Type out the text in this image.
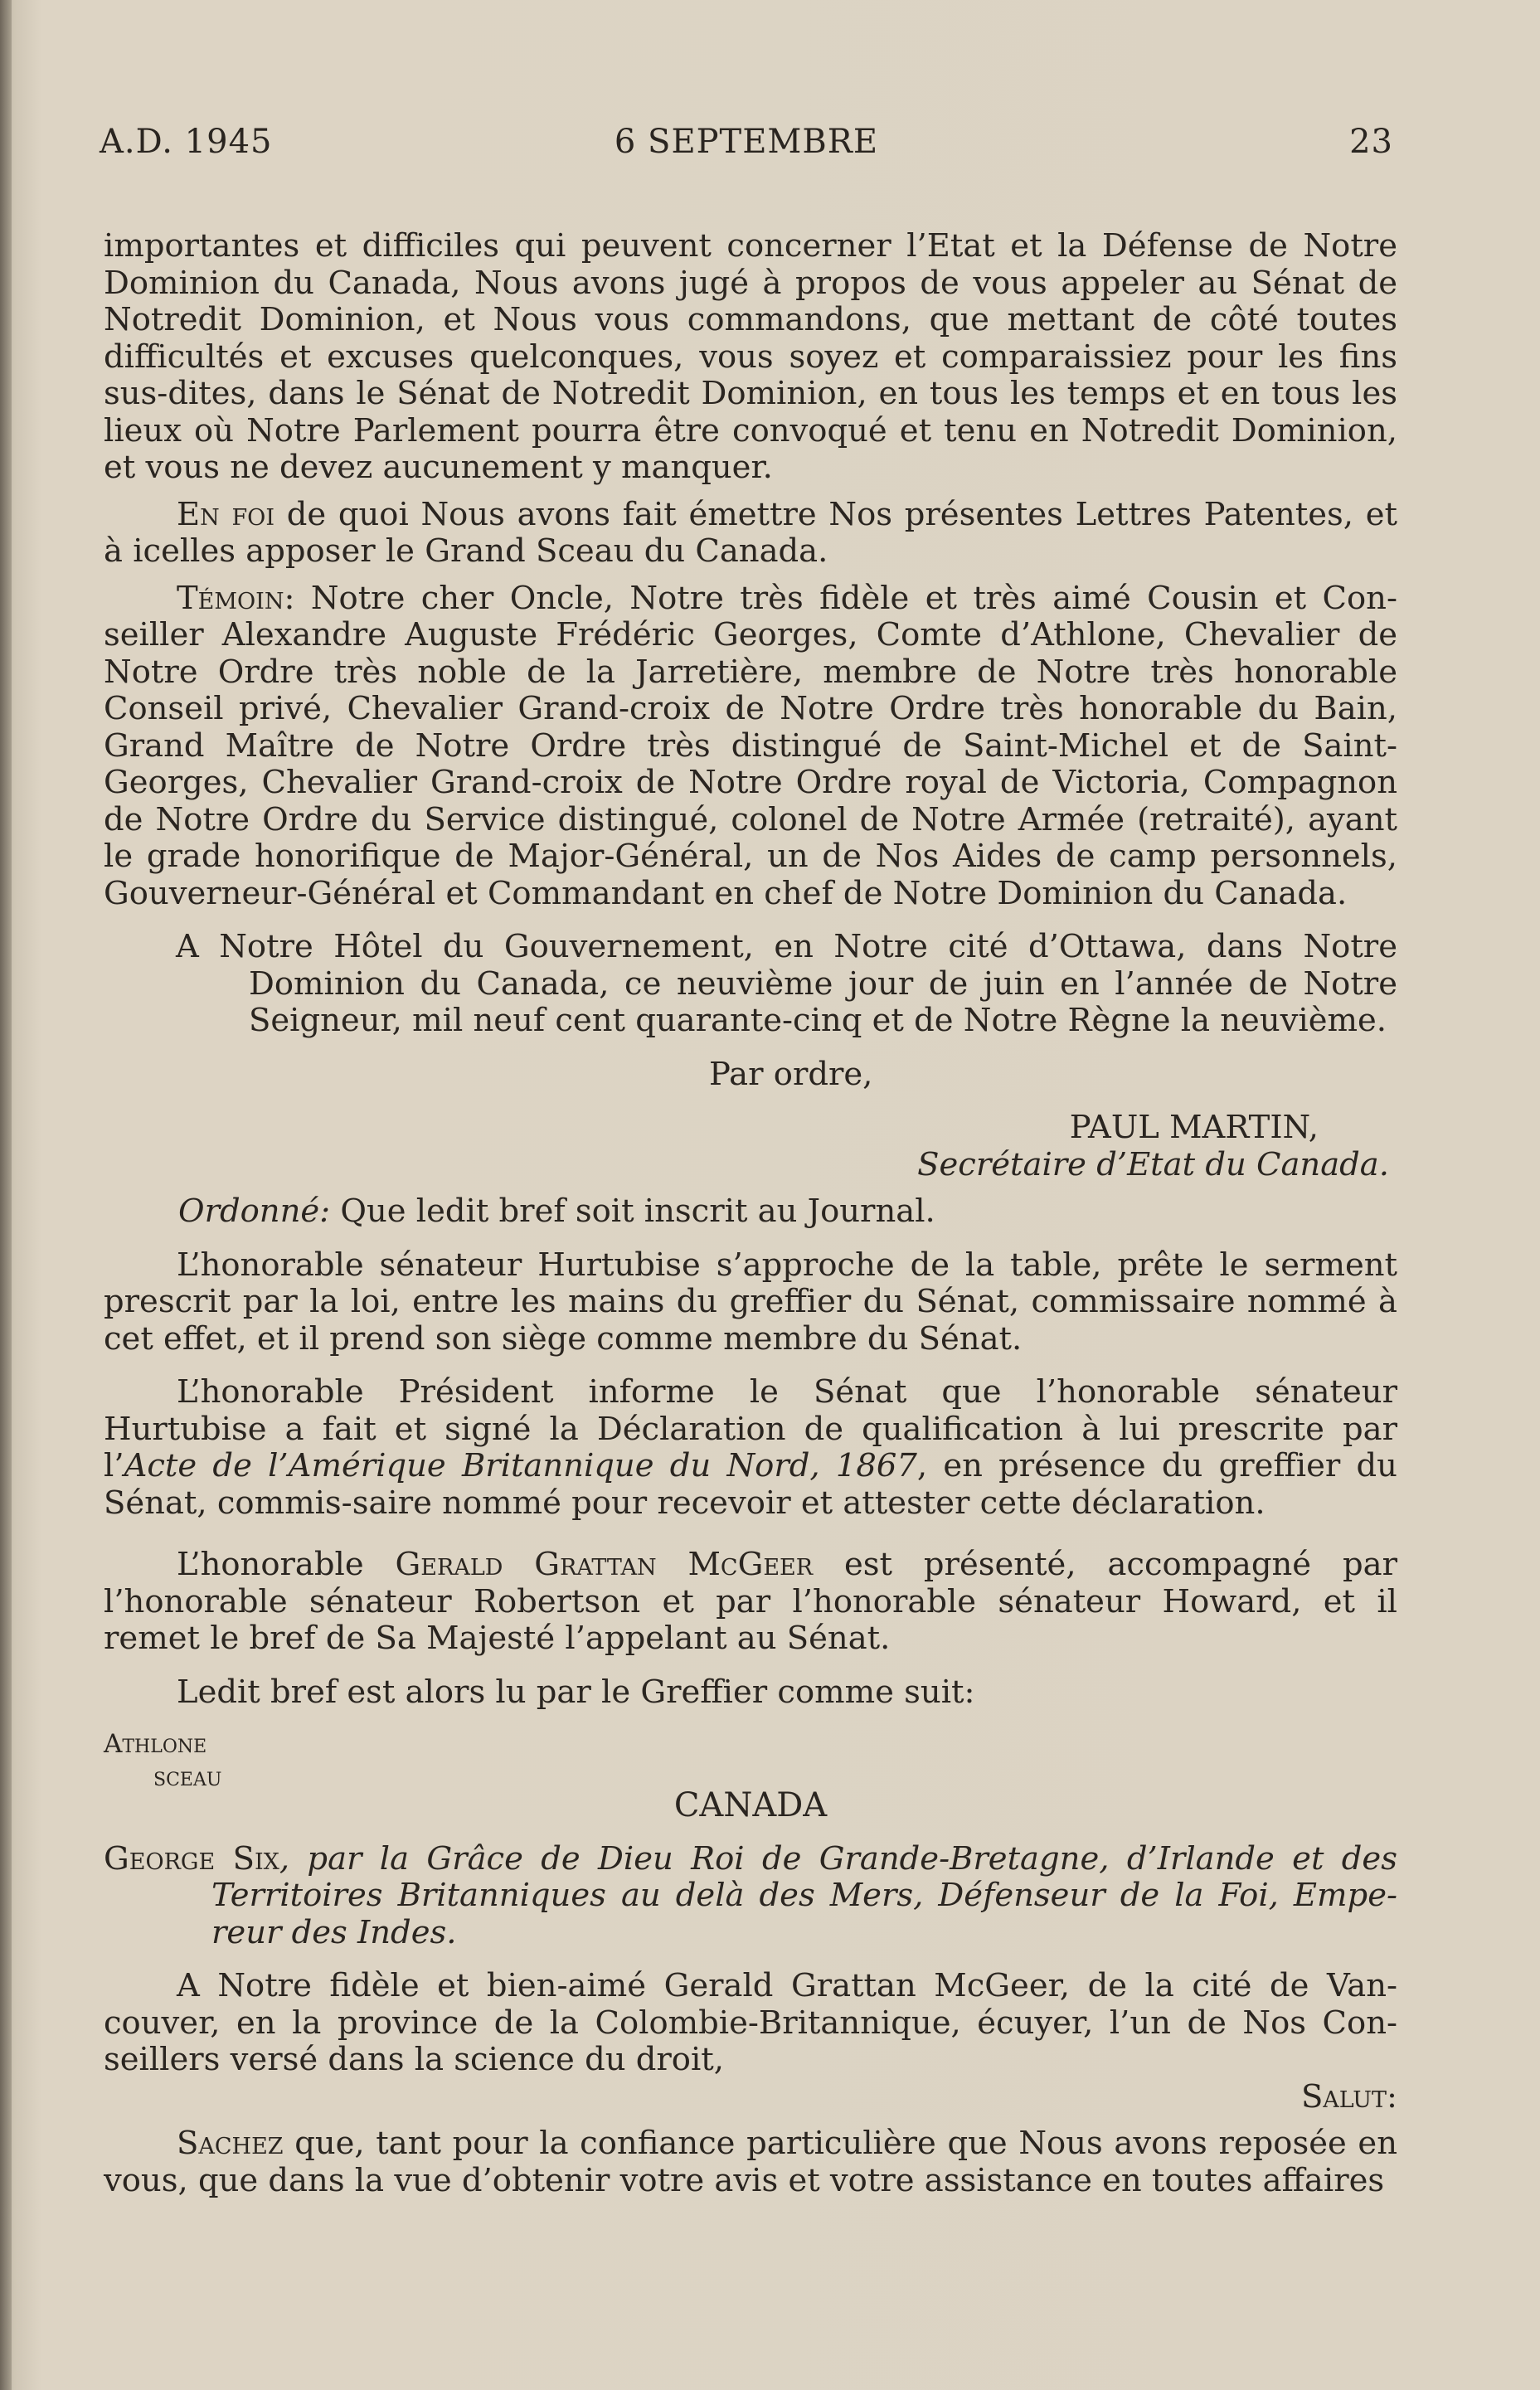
A.D. 1945	6 SEPTEMBRE	23

importantes et difficiles qui peuvent concerner l’Etat et la Défense de Notre Dominion du Canada, Nous avons jugé à propos de vous appeler au Sénat de Notredit Dominion, et Nous vous commandons, que mettant de côté toutes difficultés et excuses quelconques, vous soyez et comparaissiez pour les fins sus-dites, dans le Sénat de Notredit Dominion, en tous les temps et en tous les lieux où Notre Parlement pourra être convoqué et tenu en Notredit Dominion, et vous ne devez aucunement y manquer.

En foi de quoi Nous avons fait émettre Nos présentes Lettres Patentes, et à icelles apposer le Grand Sceau du Canada.

Témoin: Notre cher Oncle, Notre très fidèle et très aimé Cousin et Con-seiller Alexandre Auguste Frédéric Georges, Comte d’Athlone, Chevalier de Notre Ordre très noble de la Jarretière, membre de Notre très honorable Conseil privé, Chevalier Grand-croix de Notre Ordre très honorable du Bain, Grand Maître de Notre Ordre très distingué de Saint-Michel et de Saint-Georges, Chevalier Grand-croix de Notre Ordre royal de Victoria, Compagnon de Notre Ordre du Service distingué, colonel de Notre Armée (retraité), ayant le grade honorifique de Major-Général, un de Nos Aides de camp personnels, Gouverneur-Général et Commandant en chef de Notre Dominion du Canada.

A Notre Hôtel du Gouvernement, en Notre cité d’Ottawa, dans Notre Dominion du Canada, ce neuvième jour de juin en l’année de Notre Seigneur, mil neuf cent quarante-cinq et de Notre Règne la neuvième.

Par ordre,

PAUL MARTIN,

Secrétaire d’Etat du Canada.

Ordonné: Que ledit bref soit inscrit au Journal.

L’honorable sénateur Hurtubise s’approche de la table, prête le serment prescrit par la loi, entre les mains du greffier du Sénat, commissaire nommé à cet effet, et il prend son siège comme membre du Sénat.

L’honorable Président informe le Sénat que l’honorable sénateur Hurtubise a fait et signé la Déclaration de qualification à lui prescrite par l’Acte de l’Amérique Britannique du Nord, 1867, en présence du greffier du Sénat, commis-saire nommé pour recevoir et attester cette déclaration.

L’honorable Gerald Grattan McGeer est présenté, accompagné par l’honorable sénateur Robertson et par l’honorable sénateur Howard, et il remet le bref de Sa Majesté l’appelant au Sénat.

Ledit bref est alors lu par le Greffier comme suit:

Athlone
sceau

CANADA

George Six, par la Grâce de Dieu Roi de Grande-Bretagne, d’Irlande et des Territoires Britanniques au delà des Mers, Défenseur de la Foi, Empe-reur des Indes.

A Notre fidèle et bien-aimé Gerald Grattan McGeer, de la cité de Van-couver, en la province de la Colombie-Britannique, écuyer, l’un de Nos Con-seillers versé dans la science du droit,

Salut:

Sachez que, tant pour la confiance particulière que Nous avons reposée en vous, que dans la vue d’obtenir votre avis et votre assistance en toutes affaires
